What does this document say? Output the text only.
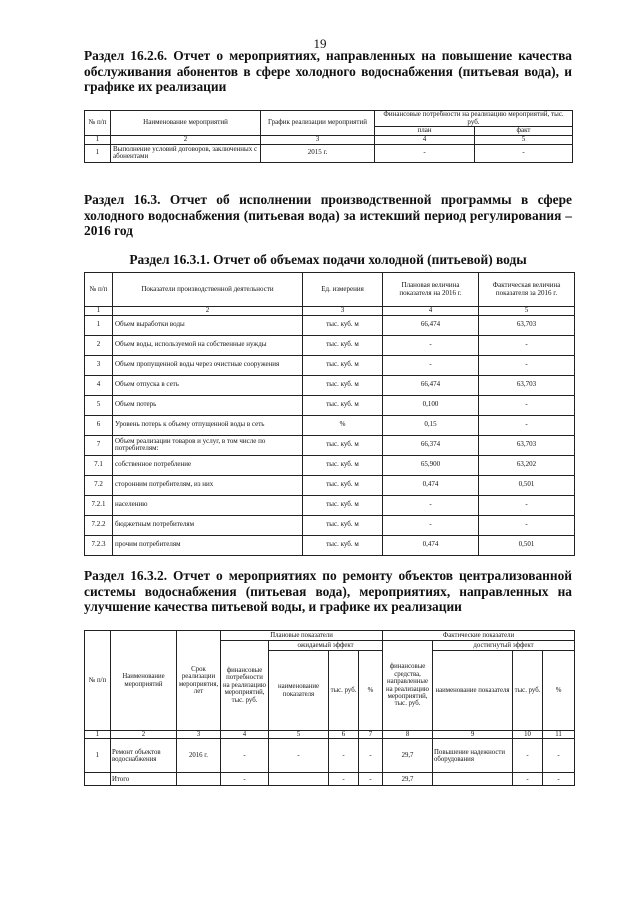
19
Раздел 16.2.6. Отчет о мероприятиях, направленных на повышение качества обслуживания абонентов в сфере холодного водоснабжения (питьевая вода), и графике их реализации
№ п/п	Наименование мероприятий	График реализации мероприятий	Финансовые потребности на реализацию мероприятий, тыс. руб.	
			план	факт
1	2	3	4	5
1	Выполнение условий договоров, заключенных с абонентами	2015 г.	-	-
Раздел 16.3. Отчет об исполнении производственной программы в сфере холодного водоснабжения (питьевая вода) за истекший период регулирования – 2016 год
Раздел 16.3.1. Отчет об объемах подачи холодной (питьевой) воды
№ п/п	Показатели производственной деятельности	Ед. измерения	Плановая величина показателя на 2016 г.	Фактическая величина показателя за 2016 г.
1	2	3	4	5
1	Объем выработки воды	тыс. куб. м	66,474	63,703
2	Объем воды, используемой на собственные нужды	тыс. куб. м	-	-
3	Объем пропущенной воды через очистные сооружения	тыс. куб. м	-	-
4	Объем отпуска в сеть	тыс. куб. м	66,474	63,703
5	Объем потерь	тыс. куб. м	0,100	-
6	Уровень потерь к объему отпущенной воды в сеть	%	0,15	-
7	Объем реализации товаров и услуг, в том числе по потребителям:	тыс. куб. м	66,374	63,703
7.1	собственное потребление	тыс. куб. м	65,900	63,202
7.2	сторонним потребителям, из них	тыс. куб. м	0,474	0,501
7.2.1	населению	тыс. куб. м	-	-
7.2.2	бюджетным потребителям	тыс. куб. м	-	-
7.2.3	прочим потребителям	тыс. куб. м	0,474	0,501
Раздел 16.3.2. Отчет о мероприятиях по ремонту объектов централизованной системы водоснабжения (питьевая вода), мероприятиях, направленных на улучшение качества питьевой воды, и графике их реализации
№ п/п	Наименование мероприятий	Срок реализации мероприятия, лет	Плановые показатели				Фактические показатели			
			финансовые потребности на реализацию мероприятий, тыс. руб.	ожидаемый эффект			финансовые средства, направленные на реализацию мероприятий, тыс. руб.	достигнутый эффект		
				наименование показателя	тыс. руб.	%		наименование показателя	тыс. руб.	%
1	2	3	4	5	6	7	8	9	10	11
1	Ремонт объектов водоснабжения	2016 г.	-	-	-	-	29,7	Повышение надежности оборудования	-	-
	Итого		-		-	-	29,7		-	-
